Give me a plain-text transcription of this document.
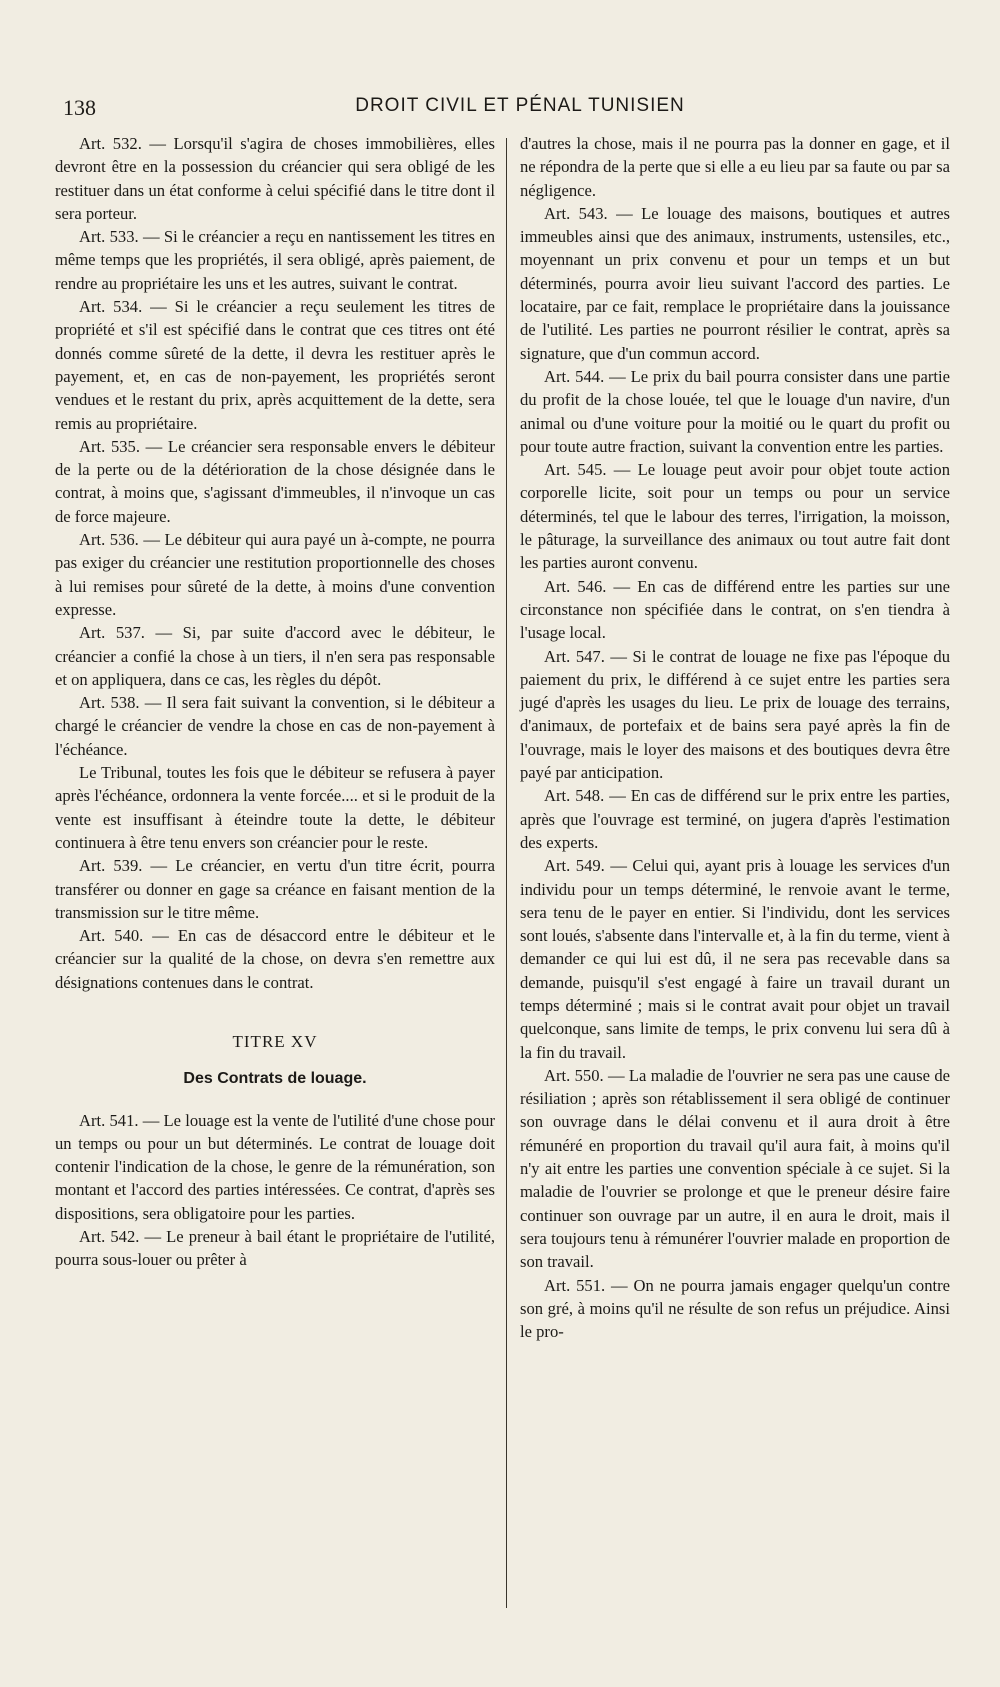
138	DROIT CIVIL ET PÉNAL TUNISIEN

Art. 532. — Lorsqu'il s'agira de choses immobilières, elles devront être en la possession du créancier qui sera obligé de les restituer dans un état conforme à celui spécifié dans le titre dont il sera porteur.

Art. 533. — Si le créancier a reçu en nantissement les titres en même temps que les propriétés, il sera obligé, après paiement, de rendre au propriétaire les uns et les autres, suivant le contrat.

Art. 534. — Si le créancier a reçu seulement les titres de propriété et s'il est spécifié dans le contrat que ces titres ont été donnés comme sûreté de la dette, il devra les restituer après le payement, et, en cas de non-payement, les propriétés seront vendues et le restant du prix, après acquittement de la dette, sera remis au propriétaire.

Art. 535. — Le créancier sera responsable envers le débiteur de la perte ou de la détérioration de la chose désignée dans le contrat, à moins que, s'agissant d'immeubles, il n'invoque un cas de force majeure.

Art. 536. — Le débiteur qui aura payé un à-compte, ne pourra pas exiger du créancier une restitution proportionnelle des choses à lui remises pour sûreté de la dette, à moins d'une convention expresse.

Art. 537. — Si, par suite d'accord avec le débiteur, le créancier a confié la chose à un tiers, il n'en sera pas responsable et on appliquera, dans ce cas, les règles du dépôt.

Art. 538. — Il sera fait suivant la convention, si le débiteur a chargé le créancier de vendre la chose en cas de non-payement à l'échéance.

Le Tribunal, toutes les fois que le débiteur se refusera à payer après l'échéance, ordonnera la vente forcée.... et si le produit de la vente est insuffisant à éteindre toute la dette, le débiteur continuera à être tenu envers son créancier pour le reste.

Art. 539. — Le créancier, en vertu d'un titre écrit, pourra transférer ou donner en gage sa créance en faisant mention de la transmission sur le titre même.

Art. 540. — En cas de désaccord entre le débiteur et le créancier sur la qualité de la chose, on devra s'en remettre aux désignations contenues dans le contrat.

TITRE XV

Des Contrats de louage.

Art. 541. — Le louage est la vente de l'utilité d'une chose pour un temps ou pour un but déterminés. Le contrat de louage doit contenir l'indication de la chose, le genre de la rémunération, son montant et l'accord des parties intéressées. Ce contrat, d'après ses dispositions, sera obligatoire pour les parties.

Art. 542. — Le preneur à bail étant le propriétaire de l'utilité, pourra sous-louer ou prêter à

d'autres la chose, mais il ne pourra pas la donner en gage, et il ne répondra de la perte que si elle a eu lieu par sa faute ou par sa négligence.

Art. 543. — Le louage des maisons, boutiques et autres immeubles ainsi que des animaux, instruments, ustensiles, etc., moyennant un prix convenu et pour un temps et un but déterminés, pourra avoir lieu suivant l'accord des parties. Le locataire, par ce fait, remplace le propriétaire dans la jouissance de l'utilité. Les parties ne pourront résilier le contrat, après sa signature, que d'un commun accord.

Art. 544. — Le prix du bail pourra consister dans une partie du profit de la chose louée, tel que le louage d'un navire, d'un animal ou d'une voiture pour la moitié ou le quart du profit ou pour toute autre fraction, suivant la convention entre les parties.

Art. 545. — Le louage peut avoir pour objet toute action corporelle licite, soit pour un temps ou pour un service déterminés, tel que le labour des terres, l'irrigation, la moisson, le pâturage, la surveillance des animaux ou tout autre fait dont les parties auront convenu.

Art. 546. — En cas de différend entre les parties sur une circonstance non spécifiée dans le contrat, on s'en tiendra à l'usage local.

Art. 547. — Si le contrat de louage ne fixe pas l'époque du paiement du prix, le différend à ce sujet entre les parties sera jugé d'après les usages du lieu. Le prix de louage des terrains, d'animaux, de portefaix et de bains sera payé après la fin de l'ouvrage, mais le loyer des maisons et des boutiques devra être payé par anticipation.

Art. 548. — En cas de différend sur le prix entre les parties, après que l'ouvrage est terminé, on jugera d'après l'estimation des experts.

Art. 549. — Celui qui, ayant pris à louage les services d'un individu pour un temps déterminé, le renvoie avant le terme, sera tenu de le payer en entier. Si l'individu, dont les services sont loués, s'absente dans l'intervalle et, à la fin du terme, vient à demander ce qui lui est dû, il ne sera pas recevable dans sa demande, puisqu'il s'est engagé à faire un travail durant un temps déterminé ; mais si le contrat avait pour objet un travail quelconque, sans limite de temps, le prix convenu lui sera dû à la fin du travail.

Art. 550. — La maladie de l'ouvrier ne sera pas une cause de résiliation ; après son rétablissement il sera obligé de continuer son ouvrage dans le délai convenu et il aura droit à être rémunéré en proportion du travail qu'il aura fait, à moins qu'il n'y ait entre les parties une convention spéciale à ce sujet. Si la maladie de l'ouvrier se prolonge et que le preneur désire faire continuer son ouvrage par un autre, il en aura le droit, mais il sera toujours tenu à rémunérer l'ouvrier malade en proportion de son travail.

Art. 551. — On ne pourra jamais engager quelqu'un contre son gré, à moins qu'il ne résulte de son refus un préjudice. Ainsi le pro-
